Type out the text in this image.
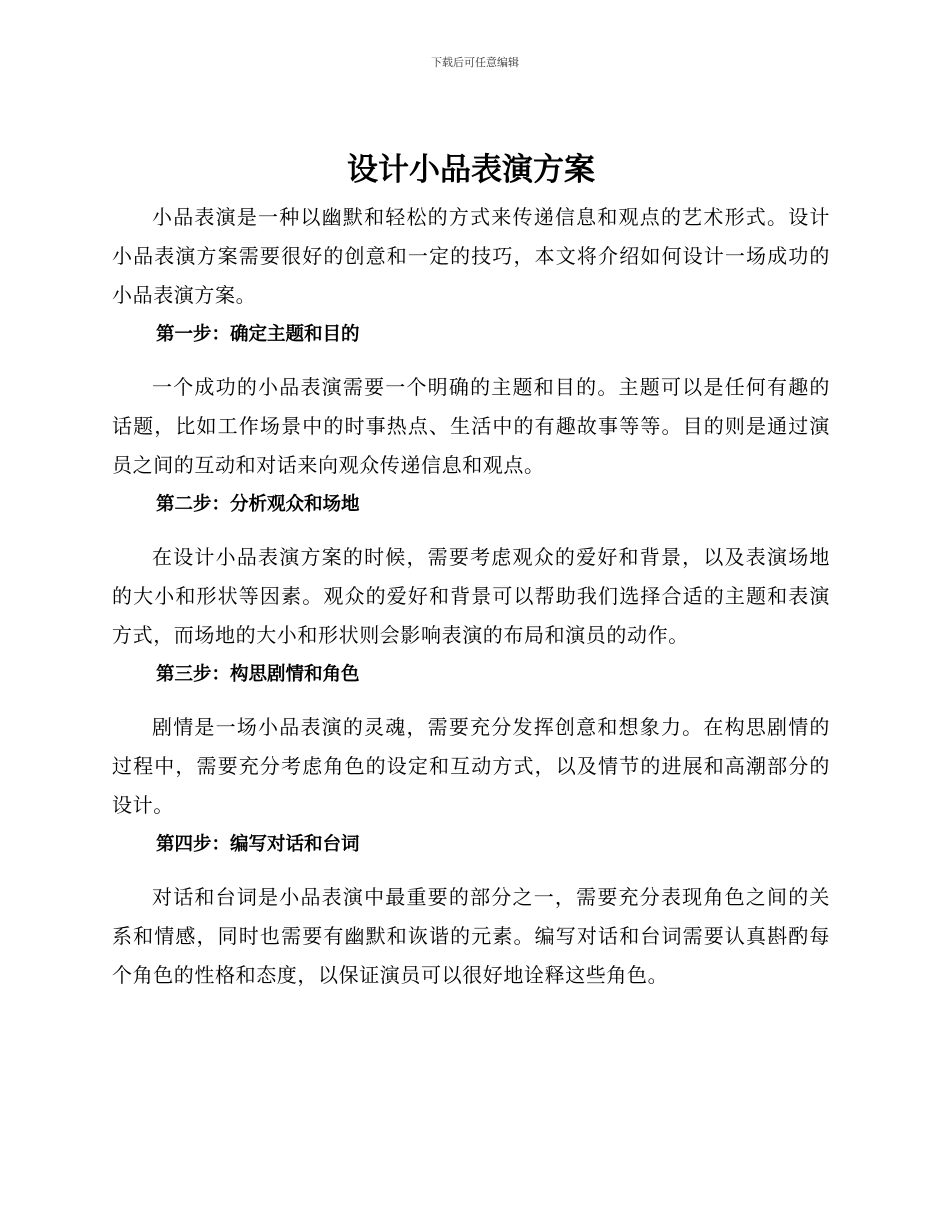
下载后可任意编辑
设计小品表演方案

小品表演是一种以幽默和轻松的方式来传递信息和观点的艺术形式。设计小品表演方案需要很好的创意和一定的技巧，本文将介绍如何设计一场成功的小品表演方案。

第一步：确定主题和目的

一个成功的小品表演需要一个明确的主题和目的。主题可以是任何有趣的话题，比如工作场景中的时事热点、生活中的有趣故事等等。目的则是通过演员之间的互动和对话来向观众传递信息和观点。

第二步：分析观众和场地

在设计小品表演方案的时候，需要考虑观众的爱好和背景，以及表演场地的大小和形状等因素。观众的爱好和背景可以帮助我们选择合适的主题和表演方式，而场地的大小和形状则会影响表演的布局和演员的动作。

第三步：构思剧情和角色

剧情是一场小品表演的灵魂，需要充分发挥创意和想象力。在构思剧情的过程中，需要充分考虑角色的设定和互动方式，以及情节的进展和高潮部分的设计。

第四步：编写对话和台词

对话和台词是小品表演中最重要的部分之一，需要充分表现角色之间的关系和情感，同时也需要有幽默和诙谐的元素。编写对话和台词需要认真斟酌每个角色的性格和态度，以保证演员可以很好地诠释这些角色。
